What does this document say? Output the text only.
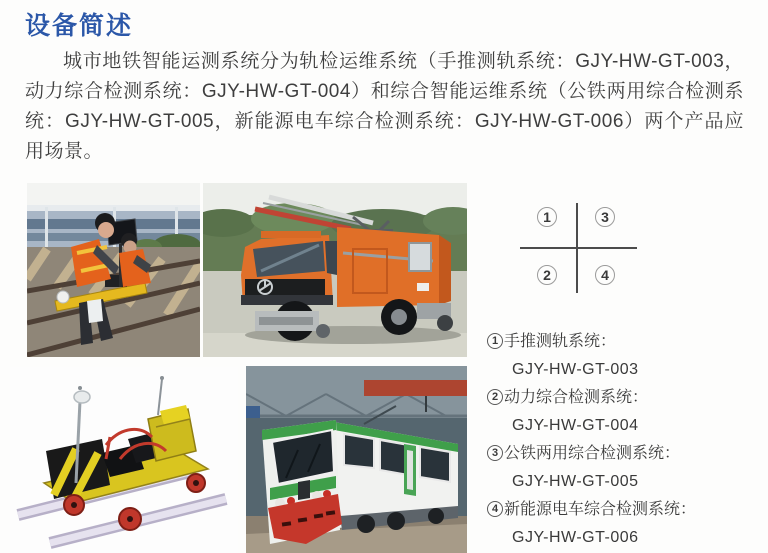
设备简述

城市地铁智能运测系统分为轨检运维系统（手推测轨系统：GJY-HW-GT-003，动力综合检测系统：GJY-HW-GT-004）和综合智能运维系统（公铁两用综合检测系统：GJY-HW-GT-005，新能源电车综合检测系统：GJY-HW-GT-006）两个产品应用场景。

1	3
2	4
1 手推测轨系统：
GJY-HW-GT-003
2 动力综合检测系统：
GJY-HW-GT-004
3 公铁两用综合检测系统：
GJY-HW-GT-005
4 新能源电车综合检测系统：
GJY-HW-GT-006
